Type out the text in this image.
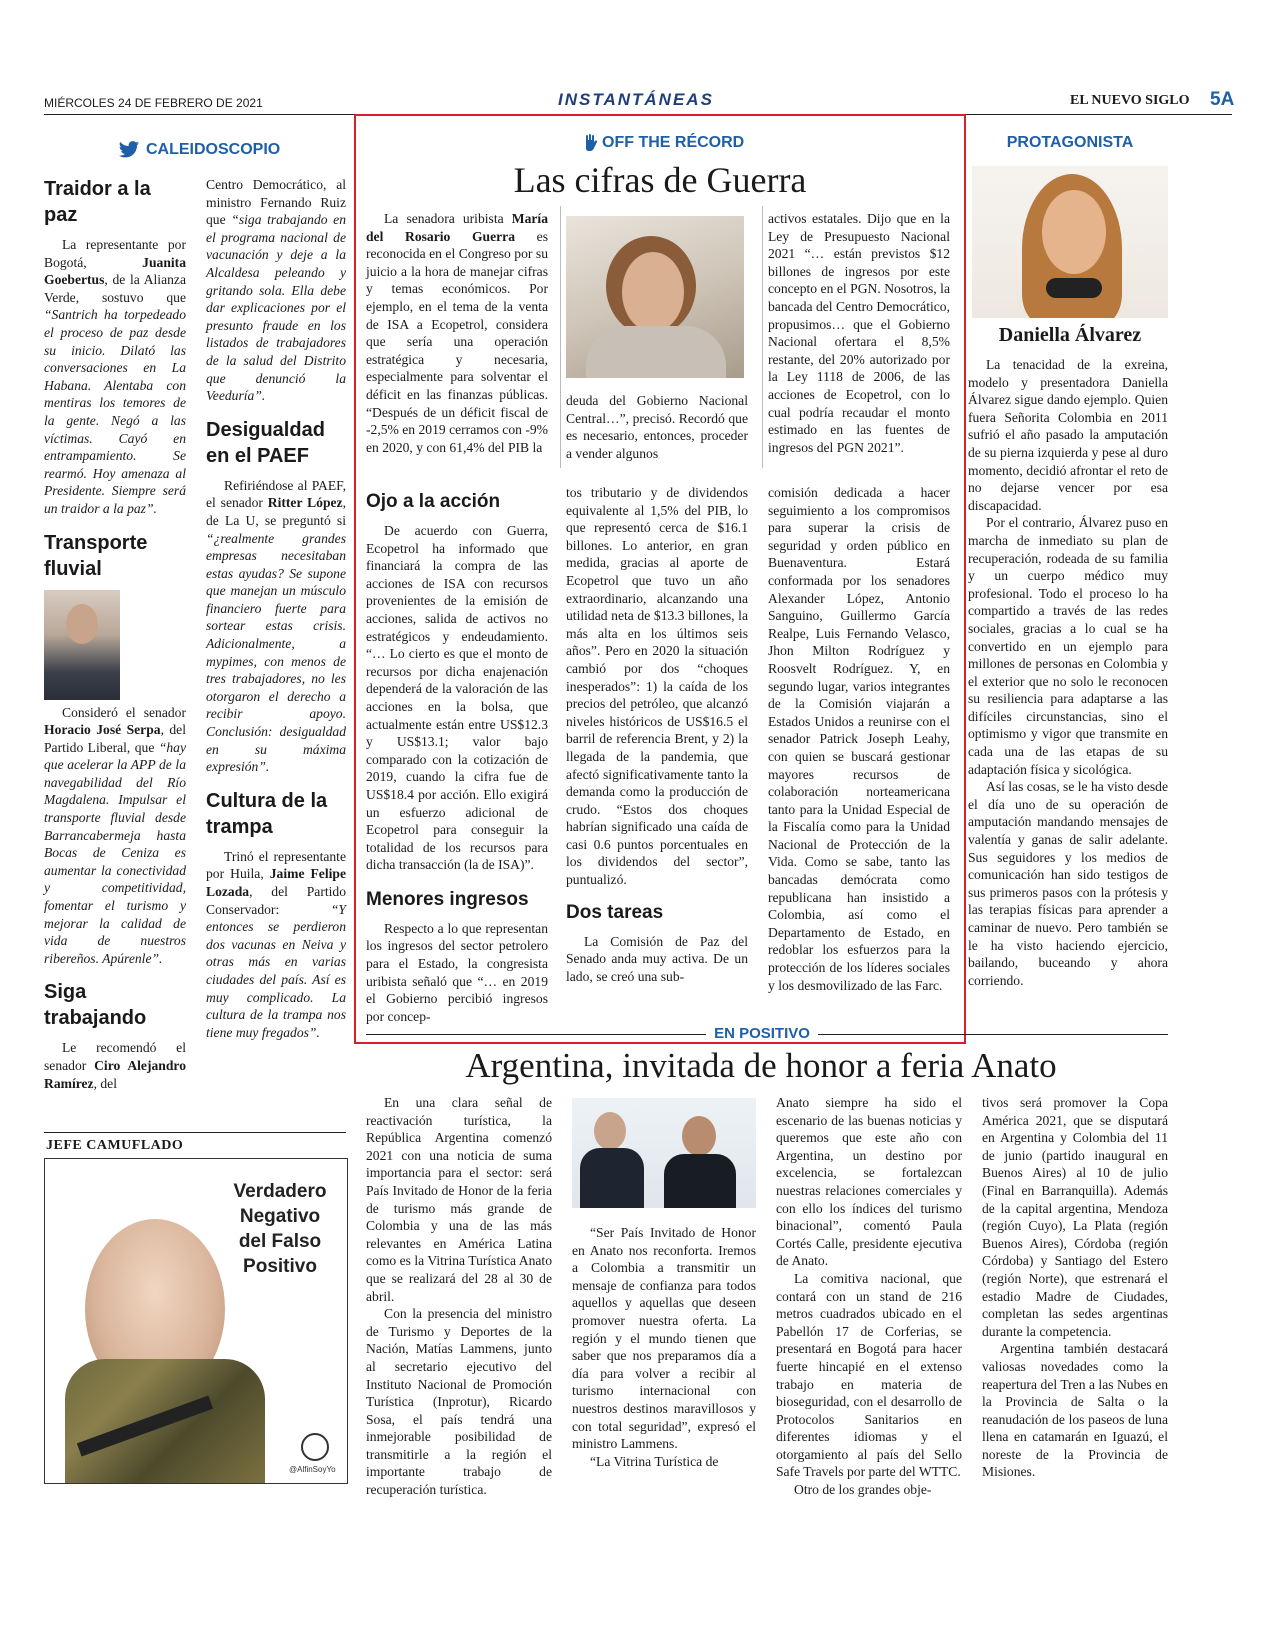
MIÉRCOLES 24 DE FEBRERO DE 2021	INSTANTÁNEAS	EL NUEVO SIGLO 5A
CALEIDOSCOPIO
Traidor a la paz

La representante por Bogotá, Juanita Goebertus, de la Alianza Verde, sostuvo que “Santrich ha torpedeado el proceso de paz desde su inicio. Dilató las conversaciones en La Habana. Alentaba con mentiras los temores de la gente. Negó a las víctimas. Cayó en entrampamiento. Se rearmó. Hoy amenaza al Presidente. Siempre será un traidor a la paz”.

Transporte fluvial

Consideró el senador Horacio José Serpa, del Partido Liberal, que “hay que acelerar la APP de la navegabilidad del Río Magdalena. Impulsar el transporte fluvial desde Barrancabermeja hasta Bocas de Ceniza es aumentar la conectividad y competitividad, fomentar el turismo y mejorar la calidad de vida de nuestros ribereños. Apúrenle”.

Siga trabajando

Le recomendó el senador Ciro Alejandro Ramírez, del

Centro Democrático, al ministro Fernando Ruiz que “siga trabajando en el programa nacional de vacunación y deje a la Alcaldesa peleando y gritando sola. Ella debe dar explicaciones por el presunto fraude en los listados de trabajadores de la salud del Distrito que denunció la Veeduría”.

Desigualdad en el PAEF

Refiriéndose al PAEF, el senador Ritter López, de La U, se preguntó si “¿realmente grandes empresas necesitaban estas ayudas? Se supone que manejan un músculo financiero fuerte para sortear estas crisis. Adicionalmente, a mypimes, con menos de tres trabajadores, no les otorgaron el derecho a recibir apoyo. Conclusión: desigualdad en su máxima expresión”.

Cultura de la trampa

Trinó el representante por Huila, Jaime Felipe Lozada, del Partido Conservador: “Y entonces se perdieron dos vacunas en Neiva y otras más en varias ciudades del país. Así es muy complicado. La cultura de la trampa nos tiene muy fregados”.

JEFE CAMUFLADO
Verdadero Negativo del Falso Positivo
@AlfinSoyYo
OFF THE RÉCORD
Las cifras de Guerra

La senadora uribista María del Rosario Guerra es reconocida en el Congreso por su juicio a la hora de manejar cifras y temas económicos. Por ejemplo, en el tema de la venta de ISA a Ecopetrol, considera que sería una operación estratégica y necesaria, especialmente para solventar el déficit en las finanzas públicas. “Después de un déficit fiscal de -2,5% en 2019 cerramos con -9% en 2020, y con 61,4% del PIB la

deuda del Gobierno Nacional Central…”, precisó. Recordó que es necesario, entonces, proceder a vender algunos
activos estatales. Dijo que en la Ley de Presupuesto Nacional 2021 “… están previstos $12 billones de ingresos por este concepto en el PGN. Nosotros, la bancada del Centro Democrático, propusimos… que el Gobierno Nacional ofertara el 8,5% restante, del 20% autorizado por la Ley 1118 de 2006, de las acciones de Ecopetrol, con lo cual podría recaudar el monto estimado en las fuentes de ingresos del PGN 2021”.
Ojo a la acción

De acuerdo con Guerra, Ecopetrol ha informado que financiará la compra de las acciones de ISA con recursos provenientes de la emisión de acciones, salida de activos no estratégicos y endeudamiento. “… Lo cierto es que el monto de recursos por dicha enajenación dependerá de la valoración de las acciones en la bolsa, que actualmente están entre US$12.3 y US$13.1; valor bajo comparado con la cotización de 2019, cuando la cifra fue de US$18.4 por acción. Ello exigirá un esfuerzo adicional de Ecopetrol para conseguir la totalidad de los recursos para dicha transacción (la de ISA)”.

Menores ingresos

Respecto a lo que representan los ingresos del sector petrolero para el Estado, la congresista uribista señaló que “… en 2019 el Gobierno percibió ingresos por concep-

tos tributario y de dividendos equivalente al 1,5% del PIB, lo que representó cerca de $16.1 billones. Lo anterior, en gran medida, gracias al aporte de Ecopetrol que tuvo un año extraordinario, alcanzando una utilidad neta de $13.3 billones, la más alta en los últimos seis años”. Pero en 2020 la situación cambió por dos “choques inesperados”: 1) la caída de los precios del petróleo, que alcanzó niveles históricos de US$16.5 el barril de referencia Brent, y 2) la llegada de la pandemia, que afectó significativamente tanto la demanda como la producción de crudo. “Estos dos choques habrían significado una caída de casi 0.6 puntos porcentuales en los dividendos del sector”, puntualizó.

Dos tareas

La Comisión de Paz del Senado anda muy activa. De un lado, se creó una sub-

comisión dedicada a hacer seguimiento a los compromisos para superar la crisis de seguridad y orden público en Buenaventura. Estará conformada por los senadores Alexander López, Antonio Sanguino, Guillermo García Realpe, Luis Fernando Velasco, Jhon Milton Rodríguez y Roosvelt Rodríguez. Y, en segundo lugar, varios integrantes de la Comisión viajarán a Estados Unidos a reunirse con el senador Patrick Joseph Leahy, con quien se buscará gestionar mayores recursos de colaboración norteamericana tanto para la Unidad Especial de la Fiscalía como para la Unidad Nacional de Protección de la Vida. Como se sabe, tanto las bancadas demócrata como republicana han insistido a Colombia, así como el Departamento de Estado, en redoblar los esfuerzos para la protección de los líderes sociales y los desmovilizado de las Farc.
PROTAGONISTA
Daniella Álvarez

La tenacidad de la exreina, modelo y presentadora Daniella Álvarez sigue dando ejemplo. Quien fuera Señorita Colombia en 2011 sufrió el año pasado la amputación de su pierna izquierda y pese al duro momento, decidió afrontar el reto de no dejarse vencer por esa discapacidad.

Por el contrario, Álvarez puso en marcha de inmediato su plan de recuperación, rodeada de su familia y un cuerpo médico muy profesional. Todo el proceso lo ha compartido a través de las redes sociales, gracias a lo cual se ha convertido en un ejemplo para millones de personas en Colombia y el exterior que no solo le reconocen su resiliencia para adaptarse a las difíciles circunstancias, sino el optimismo y vigor que transmite en cada una de las etapas de su adaptación física y sicológica.

Así las cosas, se le ha visto desde el día uno de su operación de amputación mandando mensajes de valentía y ganas de salir adelante. Sus seguidores y los medios de comunicación han sido testigos de sus primeros pasos con la prótesis y las terapias físicas para aprender a caminar de nuevo. Pero también se le ha visto haciendo ejercicio, bailando, buceando y ahora corriendo.

EN POSITIVO
Argentina, invitada de honor a feria Anato

En una clara señal de reactivación turística, la República Argentina comenzó 2021 con una noticia de suma importancia para el sector: será País Invitado de Honor de la feria de turismo más grande de Colombia y una de las más relevantes en América Latina como es la Vitrina Turística Anato que se realizará del 28 al 30 de abril.

Con la presencia del ministro de Turismo y Deportes de la Nación, Matías Lammens, junto al secretario ejecutivo del Instituto Nacional de Promoción Turística (Inprotur), Ricardo Sosa, el país tendrá una inmejorable posibilidad de transmitirle a la región el importante trabajo de recuperación turística.

“Ser País Invitado de Honor en Anato nos reconforta. Iremos a Colombia a transmitir un mensaje de confianza para todos aquellos y aquellas que deseen promover nuestra oferta. La región y el mundo tienen que saber que nos preparamos día a día para volver a recibir al turismo internacional con nuestros destinos maravillosos y con total seguridad”, expresó el ministro Lammens.

“La Vitrina Turística de

Anato siempre ha sido el escenario de las buenas noticias y queremos que este año con Argentina, un destino por excelencia, se fortalezcan nuestras relaciones comerciales y con ello los índices del turismo binacional”, comentó Paula Cortés Calle, presidente ejecutiva de Anato.

La comitiva nacional, que contará con un stand de 216 metros cuadrados ubicado en el Pabellón 17 de Corferias, se presentará en Bogotá para hacer fuerte hincapié en el extenso trabajo en materia de bioseguridad, con el desarrollo de Protocolos Sanitarios en diferentes idiomas y el otorgamiento al país del Sello Safe Travels por parte del WTTC.

Otro de los grandes obje-

tivos será promover la Copa América 2021, que se disputará en Argentina y Colombia del 11 de junio (partido inaugural en Buenos Aires) al 10 de julio (Final en Barranquilla). Además de la capital argentina, Mendoza (región Cuyo), La Plata (región Buenos Aires), Córdoba (región Córdoba) y Santiago del Estero (región Norte), que estrenará el estadio Madre de Ciudades, completan las sedes argentinas durante la competencia.

Argentina también destacará valiosas novedades como la reapertura del Tren a las Nubes en la Provincia de Salta o la reanudación de los paseos de luna llena en catamarán en Iguazú, el noreste de la Provincia de Misiones.
